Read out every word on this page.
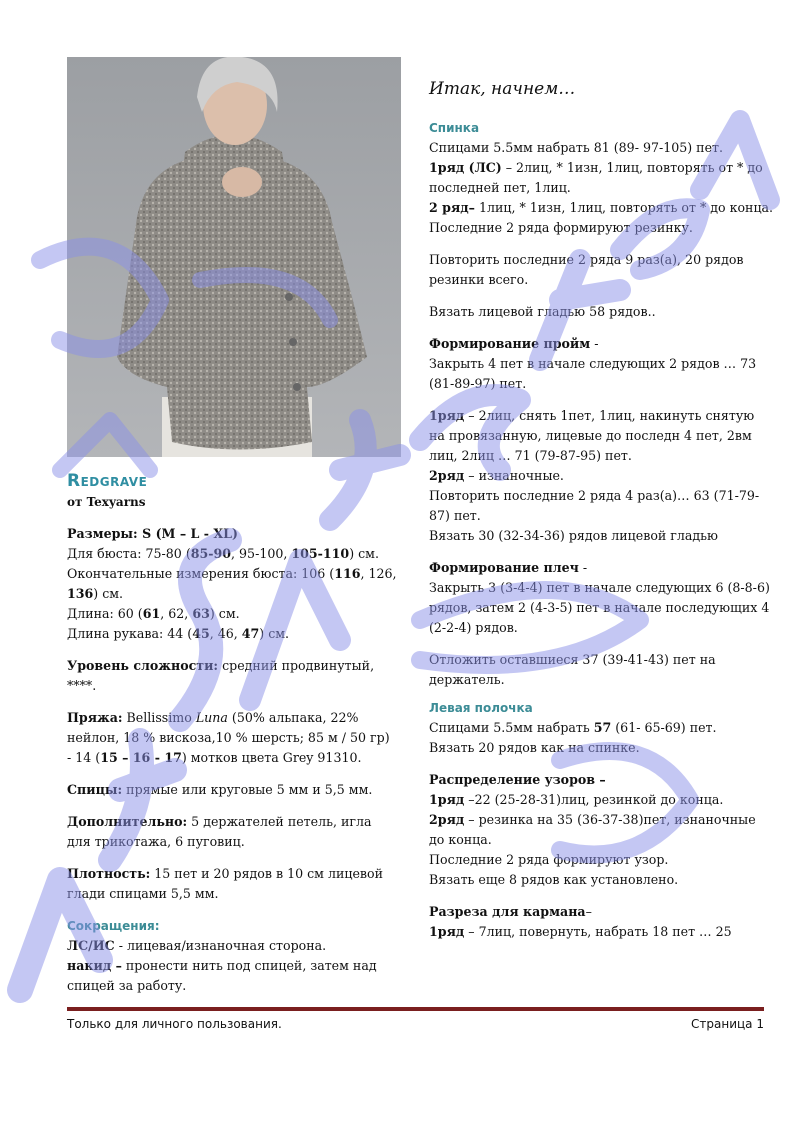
Redgrave

от Texyarns

Размеры: S (M – L - XL)

Для бюста: 75-80 (85-90, 95-100, 105-110) см.

Окончательные измерения бюста: 106 (116, 126, 136) см.

Длина: 60 (61, 62, 63) см.

Длина рукава: 44 (45, 46, 47) см.

Уровень сложности: средний продвинутый, ****.

Пряжа: Bellissimo Luna (50% альпака, 22% нейлон, 18 % вискоза,10 % шерсть; 85 м / 50 гр) - 14 (15 – 16 - 17) мотков цвета Grey 91310.

Спицы: прямые или круговые 5 мм и 5,5 мм.

Дополнительно: 5 держателей петель, игла для трикотажа, 6 пуговиц.

Плотность: 15 пет и 20 рядов в 10 см лицевой глади спицами 5,5 мм.

Сокращения:

ЛС/ИС - лицевая/изнаночная сторона.

накид – пронести нить под спицей, затем над спицей за работу.

Итак, начнем…

Спинка

Спицами 5.5мм набрать 81 (89- 97-105) пет.

1ряд (ЛС) – 2лиц, * 1изн, 1лиц, повторять от * до последней пет, 1лиц.

2 ряд– 1лиц, * 1изн, 1лиц, повторять от * до конца.

Последние 2 ряда формируют резинку.

Повторить последние 2 ряда 9 раз(а), 20 рядов резинки всего.

Вязать лицевой гладью 58 рядов..

Формирование пройм -

Закрыть 4 пет в начале следующих 2 рядов … 73 (81-89-97) пет.

1ряд – 2лиц, снять 1пет, 1лиц, накинуть снятую на провязанную, лицевые до последн 4 пет, 2вм лиц, 2лиц … 71 (79-87-95) пет.

2ряд – изнаночные.

Повторить последние 2 ряда 4 раз(а)… 63 (71-79-87) пет.

Вязать 30 (32-34-36) рядов лицевой гладью

Формирование плеч -

Закрыть 3 (3-4-4) пет в начале следующих 6 (8-8-6) рядов, затем 2 (4-3-5) пет в начале последующих 4 (2-2-4) рядов.

Отложить оставшиеся 37 (39-41-43) пет на держатель.

Левая полочка

Спицами 5.5мм набрать 57 (61- 65-69) пет.

Вязать 20 рядов как на спинке.

Распределение узоров –

1ряд –22 (25-28-31)лиц, резинкой до конца.

2ряд – резинка на 35 (36-37-38)пет, изнаночные до конца.

Последние 2 ряда формируют узор.

Вязать еще 8 рядов как установлено.

Разреза для кармана–

1ряд – 7лиц, повернуть, набрать 18 пет … 25

Только для личного пользования.	Страница 1
